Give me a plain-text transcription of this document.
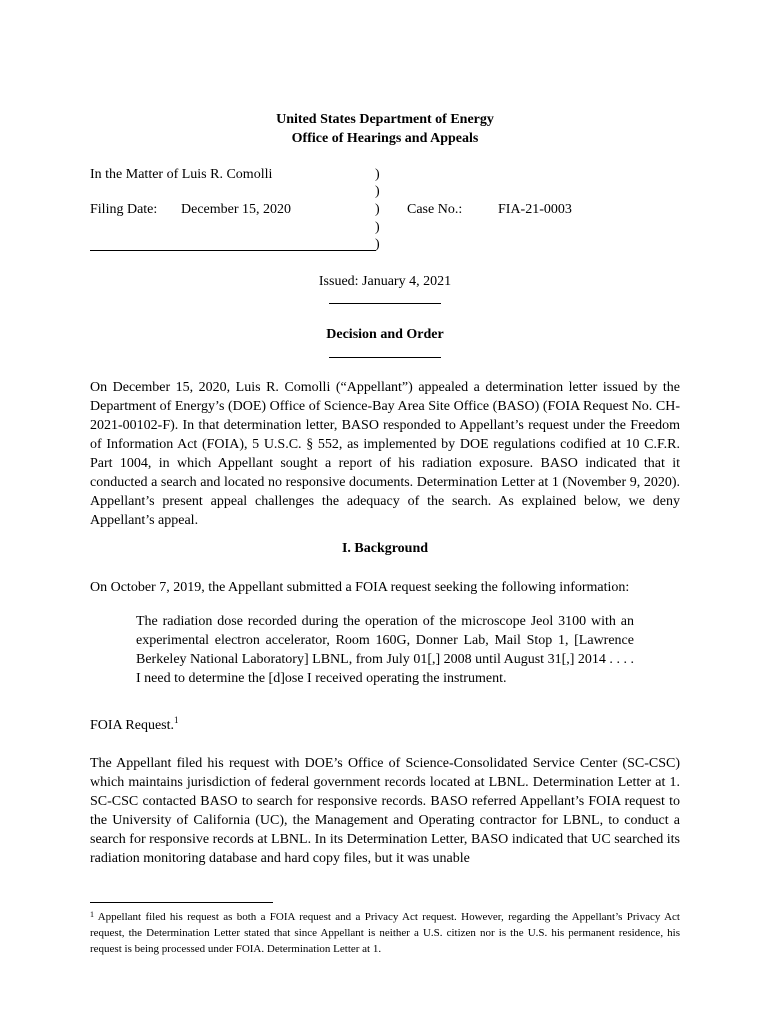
United States Department of Energy
Office of Hearings and Appeals
In the Matter of Luis R. Comolli
Filing Date: December 15, 2020
)
)
)
)
)
Case No.:	FIA-21-0003
Issued: January 4, 2021
Decision and Order
On December 15, 2020, Luis R. Comolli (“Appellant”) appealed a determination letter issued by the Department of Energy’s (DOE) Office of Science-Bay Area Site Office (BASO) (FOIA Request No. CH-2021-00102-F). In that determination letter, BASO responded to Appellant’s request under the Freedom of Information Act (FOIA), 5 U.S.C. § 552, as implemented by DOE regulations codified at 10 C.F.R. Part 1004, in which Appellant sought a report of his radiation exposure. BASO indicated that it conducted a search and located no responsive documents. Determination Letter at 1 (November 9, 2020). Appellant’s present appeal challenges the adequacy of the search. As explained below, we deny Appellant’s appeal.
I. Background
On October 7, 2019, the Appellant submitted a FOIA request seeking the following information:
The radiation dose recorded during the operation of the microscope Jeol 3100 with an experimental electron accelerator, Room 160G, Donner Lab, Mail Stop 1, [Lawrence Berkeley National Laboratory] LBNL, from July 01[,] 2008 until August 31[,] 2014 . . . . I need to determine the [d]ose I received operating the instrument.
FOIA Request.$^1$
The Appellant filed his request with DOE’s Office of Science-Consolidated Service Center (SC-CSC) which maintains jurisdiction of federal government records located at LBNL. Determination Letter at 1. SC-CSC contacted BASO to search for responsive records. BASO referred Appellant’s FOIA request to the University of California (UC), the Management and Operating contractor for LBNL, to conduct a search for responsive records at LBNL. In its Determination Letter, BASO indicated that UC searched its radiation monitoring database and hard copy files, but it was unable
$^1$ Appellant filed his request as both a FOIA request and a Privacy Act request. However, regarding the Appellant’s Privacy Act request, the Determination Letter stated that since Appellant is neither a U.S. citizen nor is the U.S. his permanent residence, his request is being processed under FOIA. Determination Letter at 1.
